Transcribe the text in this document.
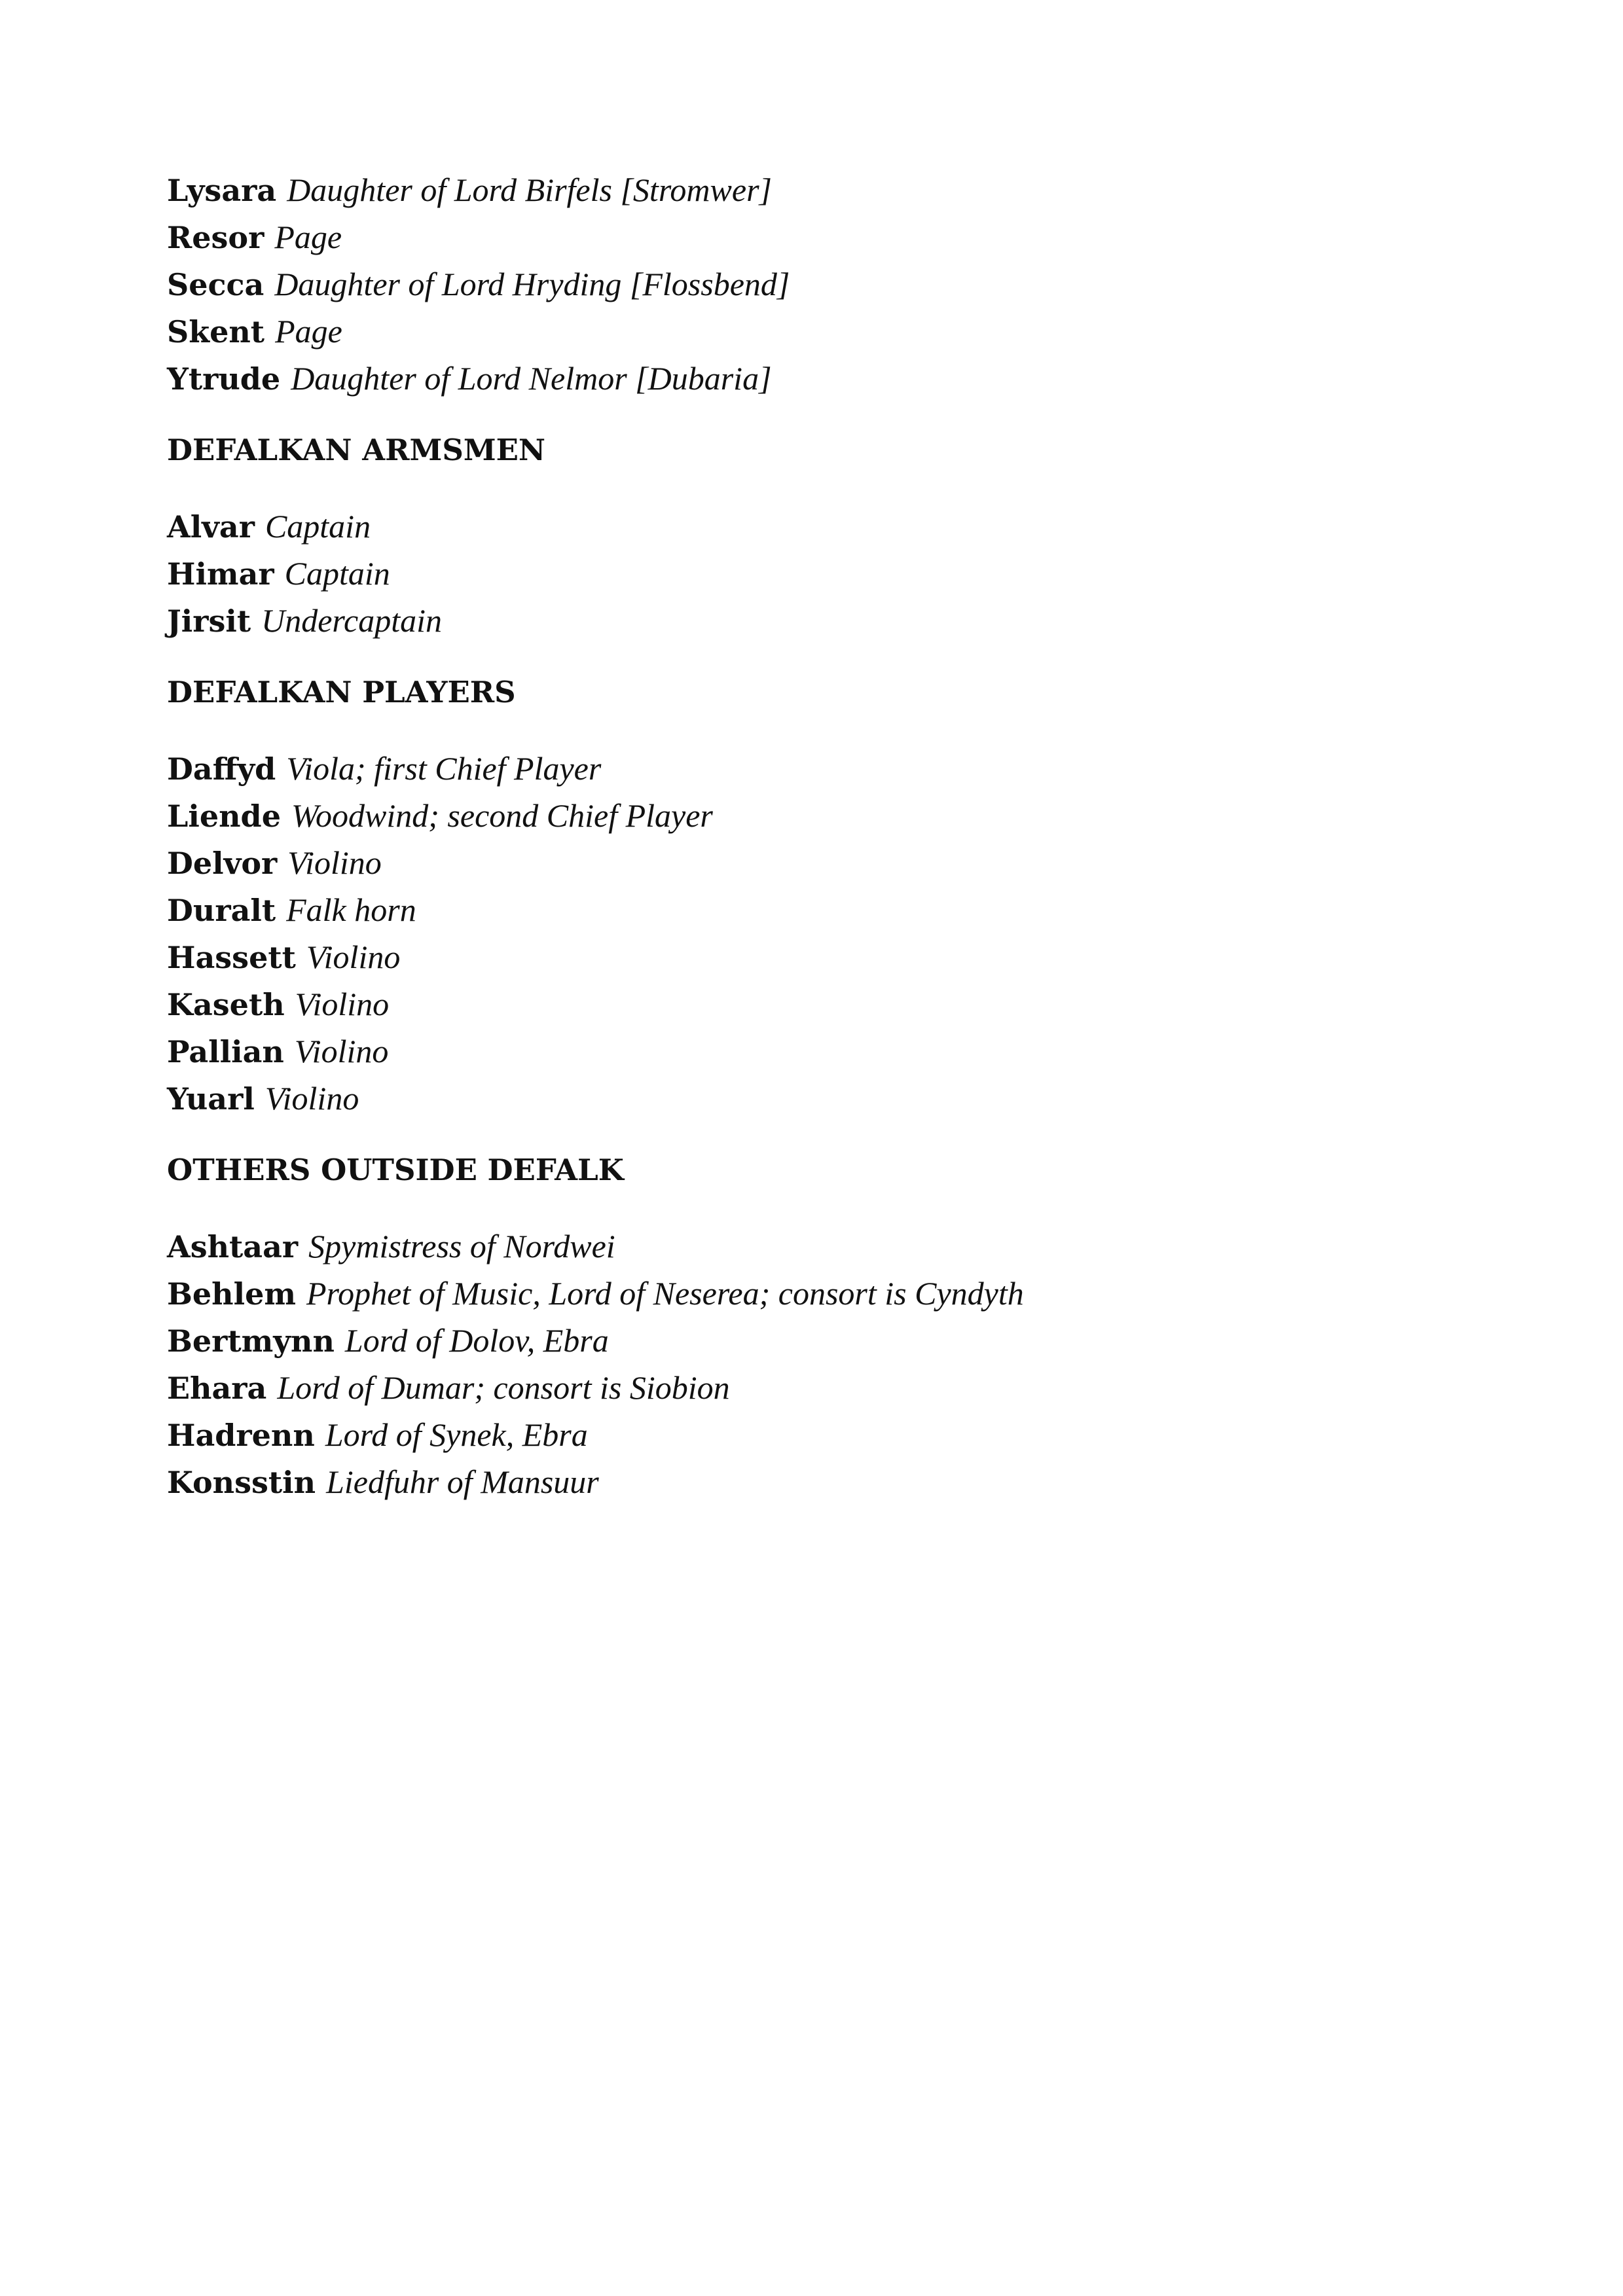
Lysara Daughter of Lord Birfels [Stromwer]
Resor Page
Secca Daughter of Lord Hryding [Flossbend]
Skent Page
Ytrude Daughter of Lord Nelmor [Dubaria]
DEFALKAN ARMSMEN
Alvar Captain
Himar Captain
Jirsit Undercaptain
DEFALKAN PLAYERS
Daffyd Viola; first Chief Player
Liende Woodwind; second Chief Player
Delvor Violino
Duralt Falk horn
Hassett Violino
Kaseth Violino
Pallian Violino
Yuarl Violino
OTHERS OUTSIDE DEFALK
Ashtaar Spymistress of Nordwei
Behlem Prophet of Music, Lord of Neserea; consort is Cyndyth
Bertmynn Lord of Dolov, Ebra
Ehara Lord of Dumar; consort is Siobion
Hadrenn Lord of Synek, Ebra
Konsstin Liedfuhr of Mansuur
